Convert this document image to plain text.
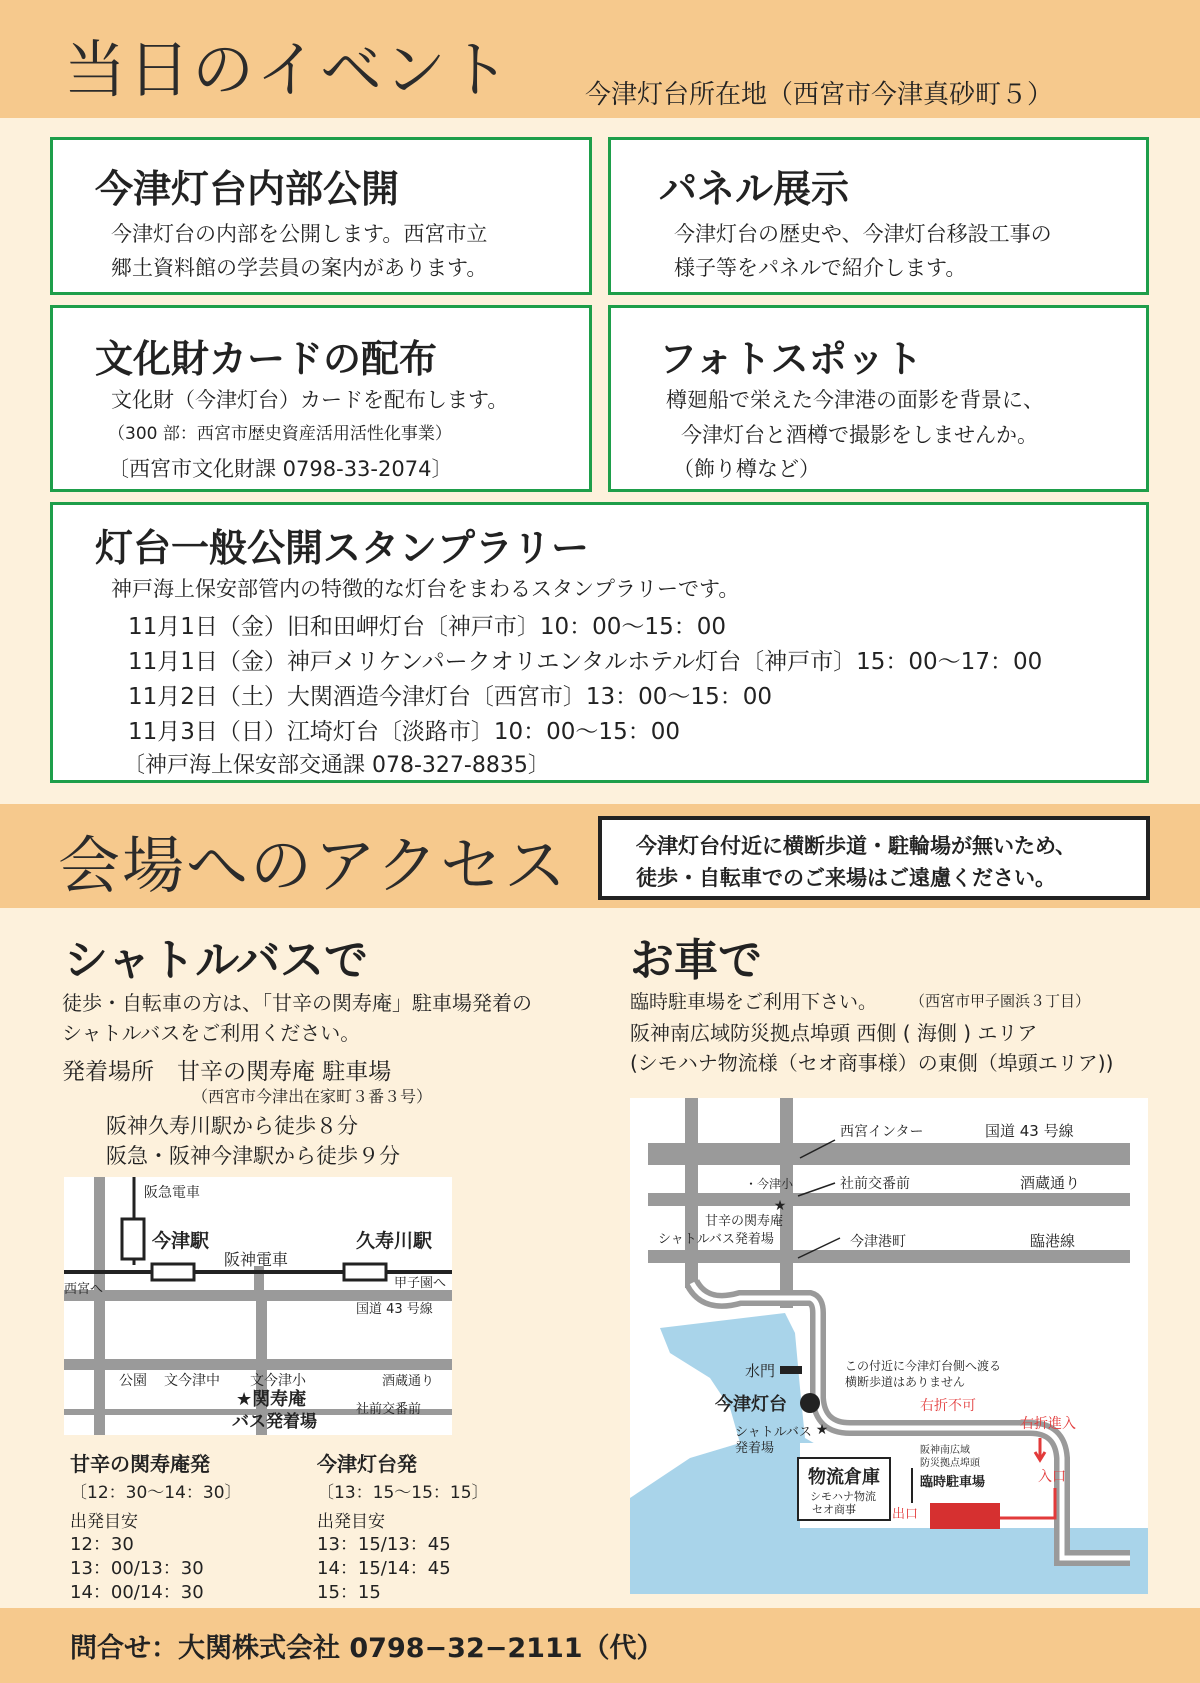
当日のイベント	今津灯台所在地（西宮市今津真砂町５）
今津灯台内部公開
今津灯台の内部を公開します。西宮市立
郷土資料館の学芸員の案内があります。
パネル展示
今津灯台の歴史や、今津灯台移設工事の
様子等をパネルで紹介します。
文化財カードの配布
文化財（今津灯台）カードを配布します。
（300 部：西宮市歴史資産活用活性化事業）
〔西宮市文化財課 0798-33-2074〕
フォトスポット
樽廻船で栄えた今津港の面影を背景に、
今津灯台と酒樽で撮影をしませんか。
（飾り樽など）
灯台一般公開スタンプラリー
神戸海上保安部管内の特徴的な灯台をまわるスタンプラリーです。
11月1日（金）旧和田岬灯台〔神戸市〕10：00～15：00
11月1日（金）神戸メリケンパークオリエンタルホテル灯台〔神戸市〕15：00～17：00
11月2日（土）大関酒造今津灯台〔西宮市〕13：00～15：00
11月3日（日）江埼灯台〔淡路市〕10：00～15：00
〔神戸海上保安部交通課 078-327-8835〕
会場へのアクセス	今津灯台付近に横断歩道・駐輪場が無いため、
徒歩・自転車でのご来場はご遠慮ください。
シャトルバスで
徒歩・自転車の方は、「甘辛の関寿庵」駐車場発着の
シャトルバスをご利用ください。
発着場所　甘辛の関寿庵 駐車場
（西宮市今津出在家町３番３号）
阪神久寿川駅から徒歩８分
阪急・阪神今津駅から徒歩９分
阪急電車
今津駅
阪神電車
久寿川駅
西宮へ	甲子園へ
国道 43 号線
公園 文今津中 文今津小	酒蔵通り
社前交番前
★関寿庵
バス発着場
甘辛の関寿庵発
〔12：30～14：30〕
出発目安
12：30
13：00/13：30
14：00/14：30
今津灯台発
〔13：15～15：15〕
出発目安
13：15/13：45
14：15/14：45
15：15
お車で
臨時駐車場をご利用下さい。 （西宮市甲子園浜３丁目）
阪神南広域防災拠点埠頭 西側 ( 海側 ) エリア
(シモハナ物流様（セオ商事様）の東側（埠頭エリア))
西宮インター	国道 43 号線
・今津小	社前交番前	酒蔵通り
★
甘辛の関寿庵
シャトルバス発着場	今津港町	臨港線
水門	この付近に今津灯台側へ渡る
横断歩道はありません
今津灯台
シャトルバス
発着場
★
右折不可
右折進入
入口
阪神南広域
防災拠点埠頭
臨時駐車場
出口
物流倉庫
シモハナ物流
セオ商事
問合せ：大関株式会社 0798−32−2111（代）
